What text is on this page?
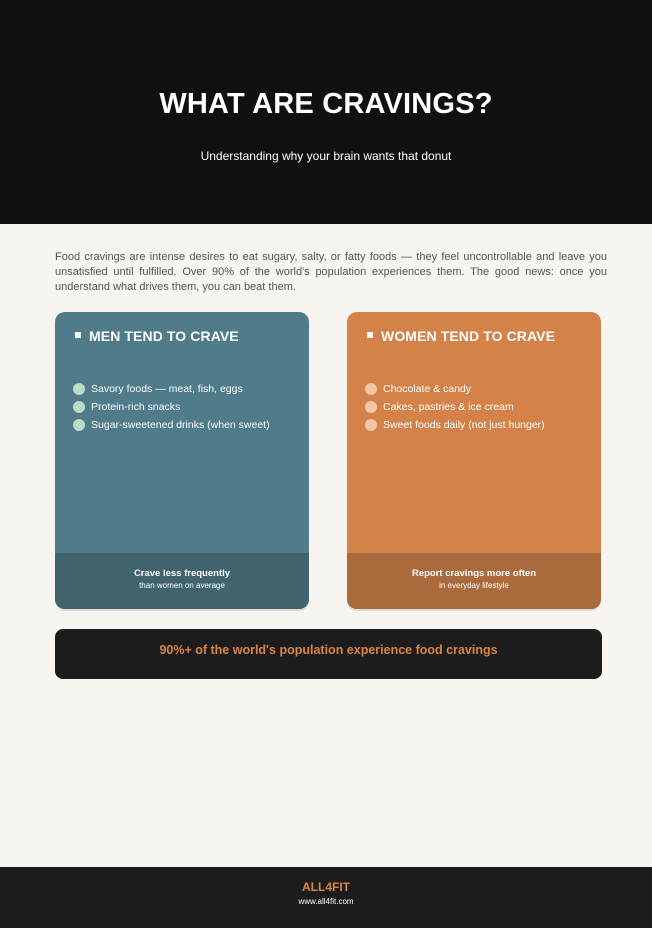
WHAT ARE CRAVINGS?
Understanding why your brain wants that donut

Food cravings are intense desires to eat sugary, salty, or fatty foods — they feel uncontrollable and leave you unsatisfied until fulfilled. Over 90% of the world's population experiences them. The good news: once you understand what drives them, you can beat them.

MEN TEND TO CRAVE
Savory foods — meat, fish, eggs
Protein-rich snacks
Sugar-sweetened drinks (when sweet)
Crave less frequently
than women on average
WOMEN TEND TO CRAVE
Chocolate & candy
Cakes, pastries & ice cream
Sweet foods daily (not just hunger)
Report cravings more often
in everyday lifestyle
90%+ of the world's population experience food cravings
ALL4FIT
www.all4fit.com
